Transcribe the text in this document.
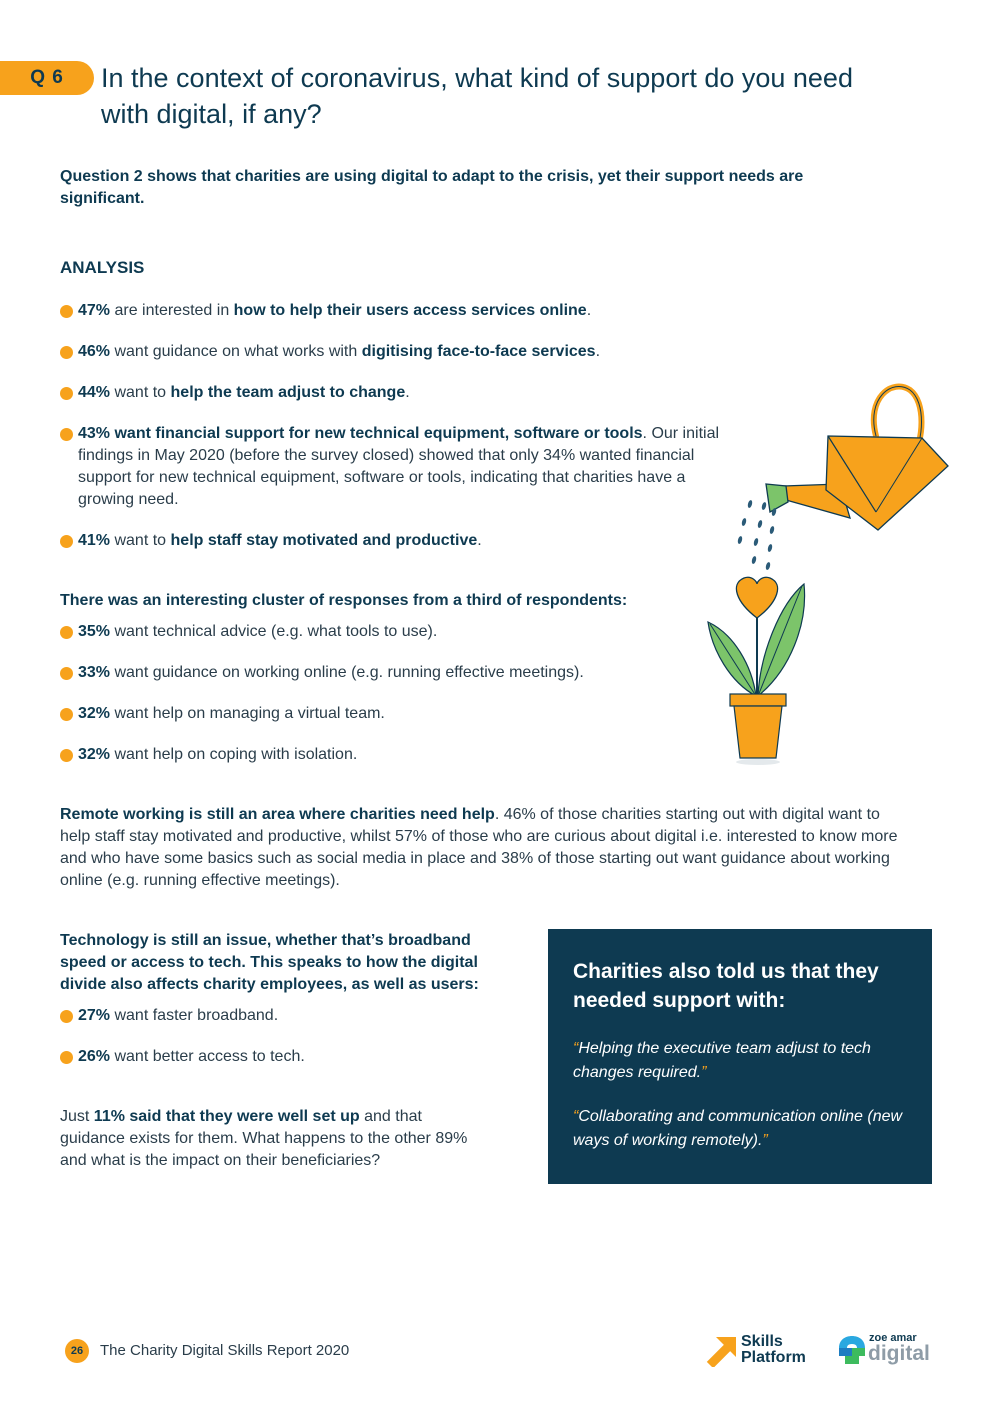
Q 6	In the context of coronavirus, what kind of support do you need with digital, if any?
Question 2 shows that charities are using digital to adapt to the crisis, yet their support needs are significant.
ANALYSIS
47% are interested in how to help their users access services online.
46% want guidance on what works with digitising face-to-face services.
44% want to help the team adjust to change.
43% want financial support for new technical equipment, software or tools. Our initial findings in May 2020 (before the survey closed) showed that only 34% wanted financial support for new technical equipment, software or tools, indicating that charities have a growing need.
41% want to help staff stay motivated and productive.
There was an interesting cluster of responses from a third of respondents:
35% want technical advice (e.g. what tools to use).
33% want guidance on working online (e.g. running effective meetings).
32% want help on managing a virtual team.
32% want help on coping with isolation.
Remote working is still an area where charities need help. 46% of those charities starting out with digital want to help staff stay motivated and productive, whilst 57% of those who are curious about digital i.e. interested to know more and who have some basics such as social media in place and 38% of those starting out want guidance about working online (e.g. running effective meetings).
Technology is still an issue, whether that’s broadband speed or access to tech. This speaks to how the digital divide also affects charity employees, as well as users:
27% want faster broadband.
26% want better access to tech.
Just 11% said that they were well set up and that guidance exists for them. What happens to the other 89% and what is the impact on their beneficiaries?
Charities also told us that they needed support with:

“Helping the executive team adjust to tech changes required.”

“Collaborating and communication online (new ways of working remotely).”

26	The Charity Digital Skills Report 2020
Skills
Platform
zoe amar
digital
